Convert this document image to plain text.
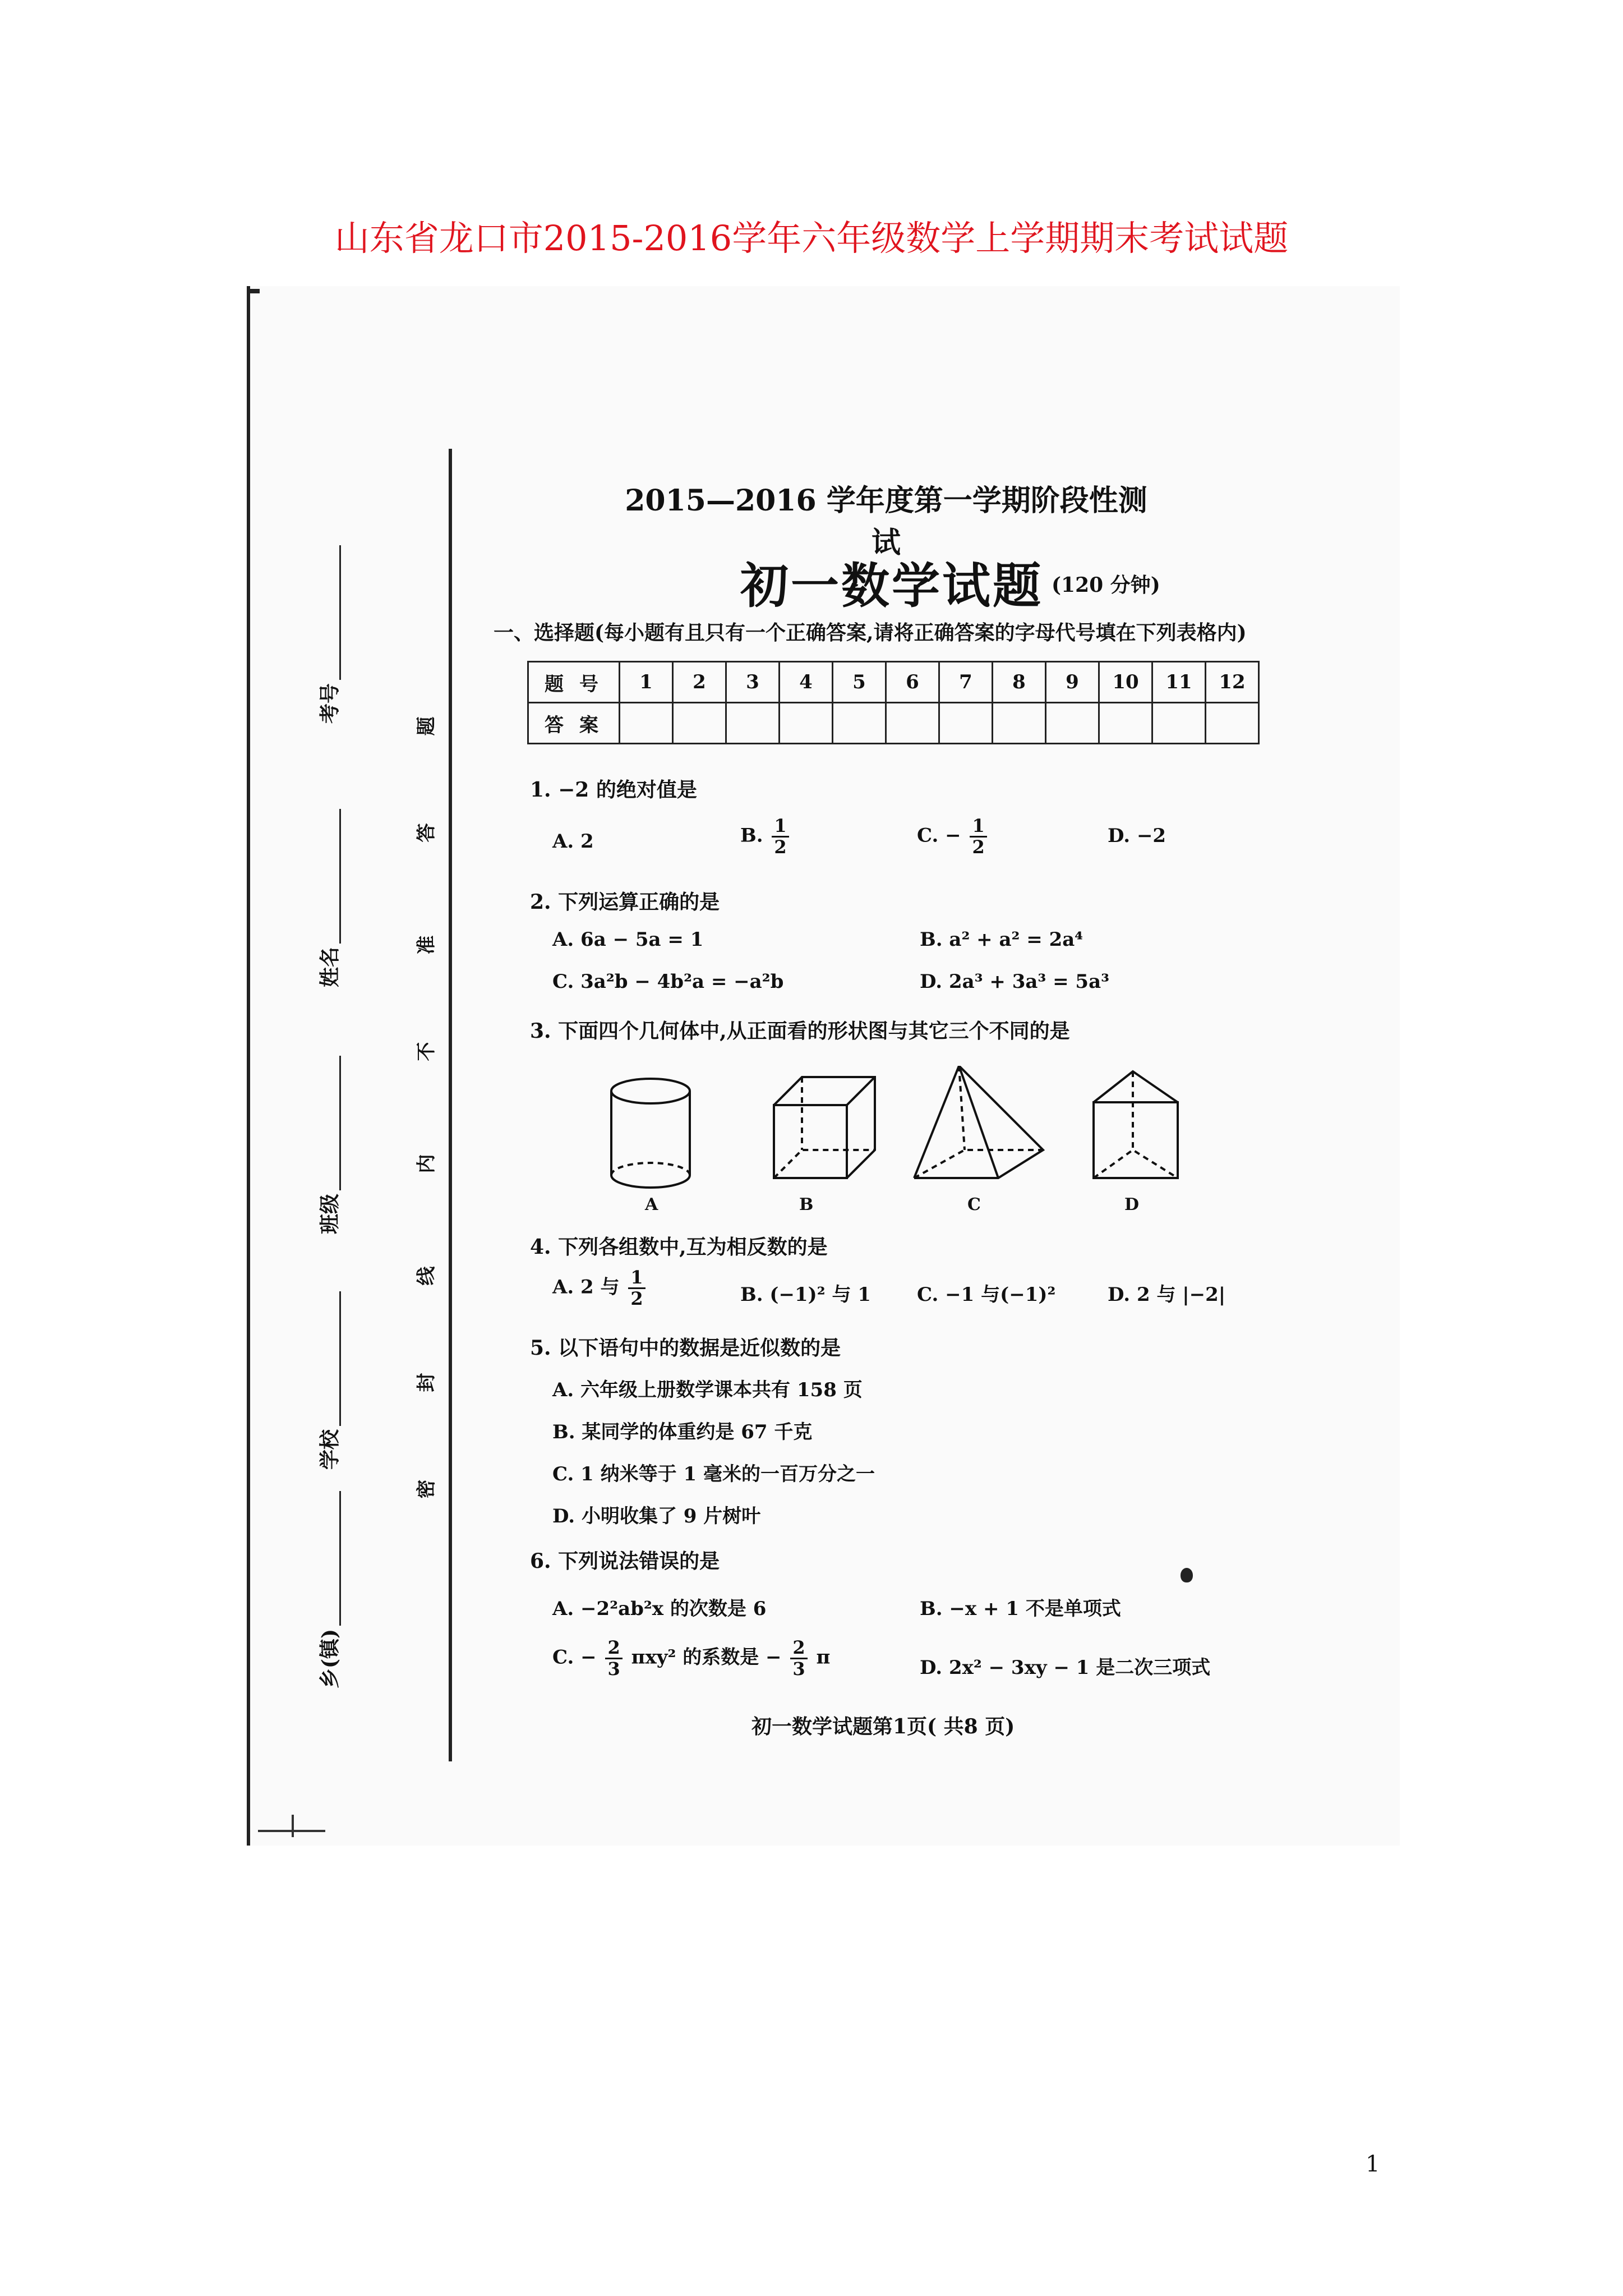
山东省龙口市2015-2016学年六年级数学上学期期末考试试题
考号
姓名
班级
学校
乡(镇)
题
答
准
不
内
线
封
密
2015—2016 学年度第一学期阶段性测试
初一数学试题 (120 分钟)
一、选择题(每小题有且只有一个正确答案,请将正确答案的字母代号填在下列表格内)
题号	1	2	3	4	5	6	7	8	9	10	11	12
答案												
1. −2 的绝对值是
A. 2	B. $\frac{1}{2}$	C. − $\frac{1}{2}$	D. −2
2. 下列运算正确的是
A. 6a − 5a = 1	B. a² + a² = 2a⁴
C. 3a²b − 4b²a = −a²b	D. 2a³ + 3a³ = 5a³
3. 下面四个几何体中,从正面看的形状图与其它三个不同的是
A	B	C	D
4. 下列各组数中,互为相反数的是
A. 2 与 $\frac{1}{2}$	B. (−1)² 与 1 C. −1 与(−1)²	D. 2 与 |−2|
5. 以下语句中的数据是近似数的是
A. 六年级上册数学课本共有 158 页
B. 某同学的体重约是 67 千克
C. 1 纳米等于 1 毫米的一百万分之一
D. 小明收集了 9 片树叶
6. 下列说法错误的是
A. −2²ab²x 的次数是 6	B. −x + 1 不是单项式
C. − $\frac{2}{3} \pi xy^2$ 的系数是 − $\frac{2}{3}$ π	D. 2x² − 3xy − 1 是二次三项式
初一数学试题第1页( 共8 页)
1
